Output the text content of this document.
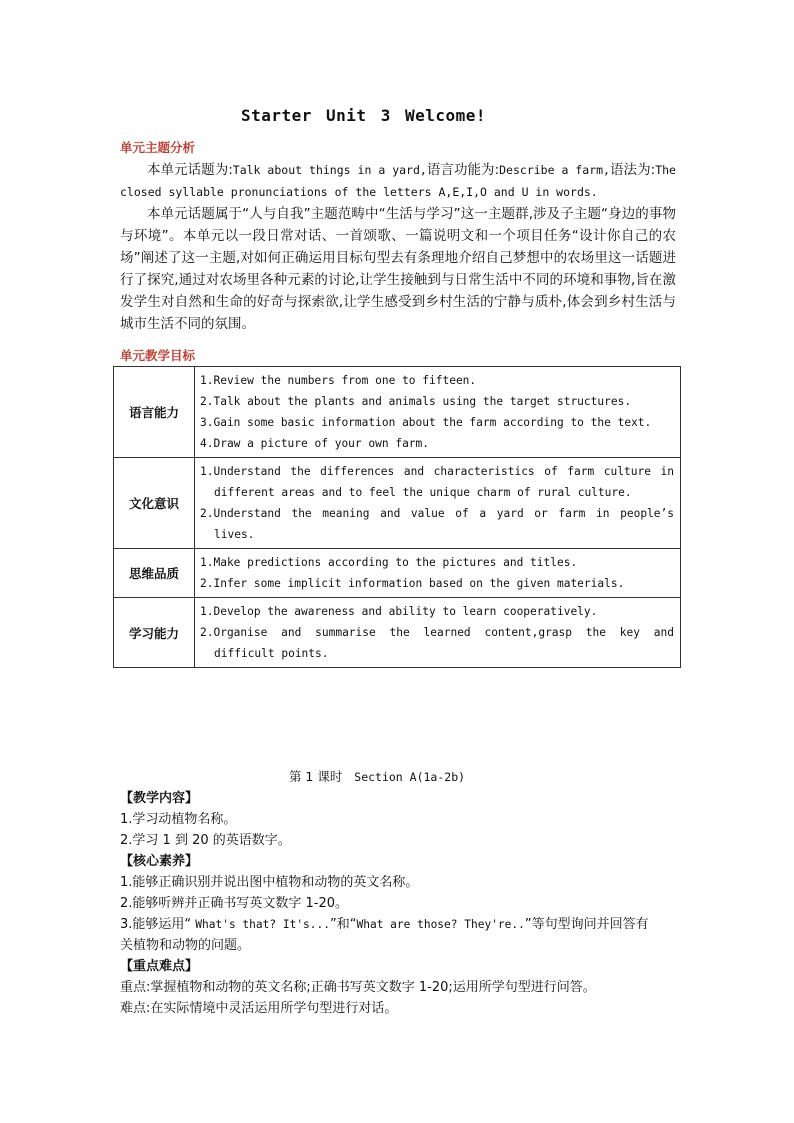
Starter Unit 3 Welcome!
单元主题分析
本单元话题为:Talk about things in a yard,语言功能为:Describe a farm,语法为:The closed syllable pronunciations of the letters A,E,I,O and U in words.
本单元话题属于“人与自我”主题范畴中“生活与学习”这一主题群,涉及子主题“身边的事物与环境”。本单元以一段日常对话、一首颂歌、一篇说明文和一个项目任务“设计你自己的农场”阐述了这一主题,对如何正确运用目标句型去有条理地介绍自己梦想中的农场里这一话题进行了探究,通过对农场里各种元素的讨论,让学生接触到与日常生活中不同的环境和事物,旨在激发学生对自然和生命的好奇与探索欲,让学生感受到乡村生活的宁静与质朴,体会到乡村生活与城市生活不同的氛围。
单元教学目标
语言能力	1.Review the numbers from one to fifteen.
2.Talk about the plants and animals using the target structures.
3.Gain some basic information about the farm according to the text.
4.Draw a picture of your own farm.

文化意识	1.Understand the differences and characteristics of farm culture in different areas and to feel the unique charm of rural culture.
2.Understand the meaning and value of a yard or farm in people’s lives.

思维品质	1.Make predictions according to the pictures and titles.
2.Infer some implicit information based on the given materials.

学习能力	1.Develop the awareness and ability to learn cooperatively.
2.Organise and summarise the learned content,grasp the key and difficult points.
第 1 课时 Section A(1a-2b)
【教学内容】
1.学习动植物名称。
2.学习 1 到 20 的英语数字。
【核心素养】
1.能够正确识别并说出图中植物和动物的英文名称。
2.能够听辨并正确书写英文数字 1-20。
3.能够运用“ What's that? It's...”和“What are those? They're..”等句型询问并回答有关植物和动物的问题。
【重点难点】
重点:掌握植物和动物的英文名称;正确书写英文数字 1-20;运用所学句型进行问答。
难点:在实际情境中灵活运用所学句型进行对话。
